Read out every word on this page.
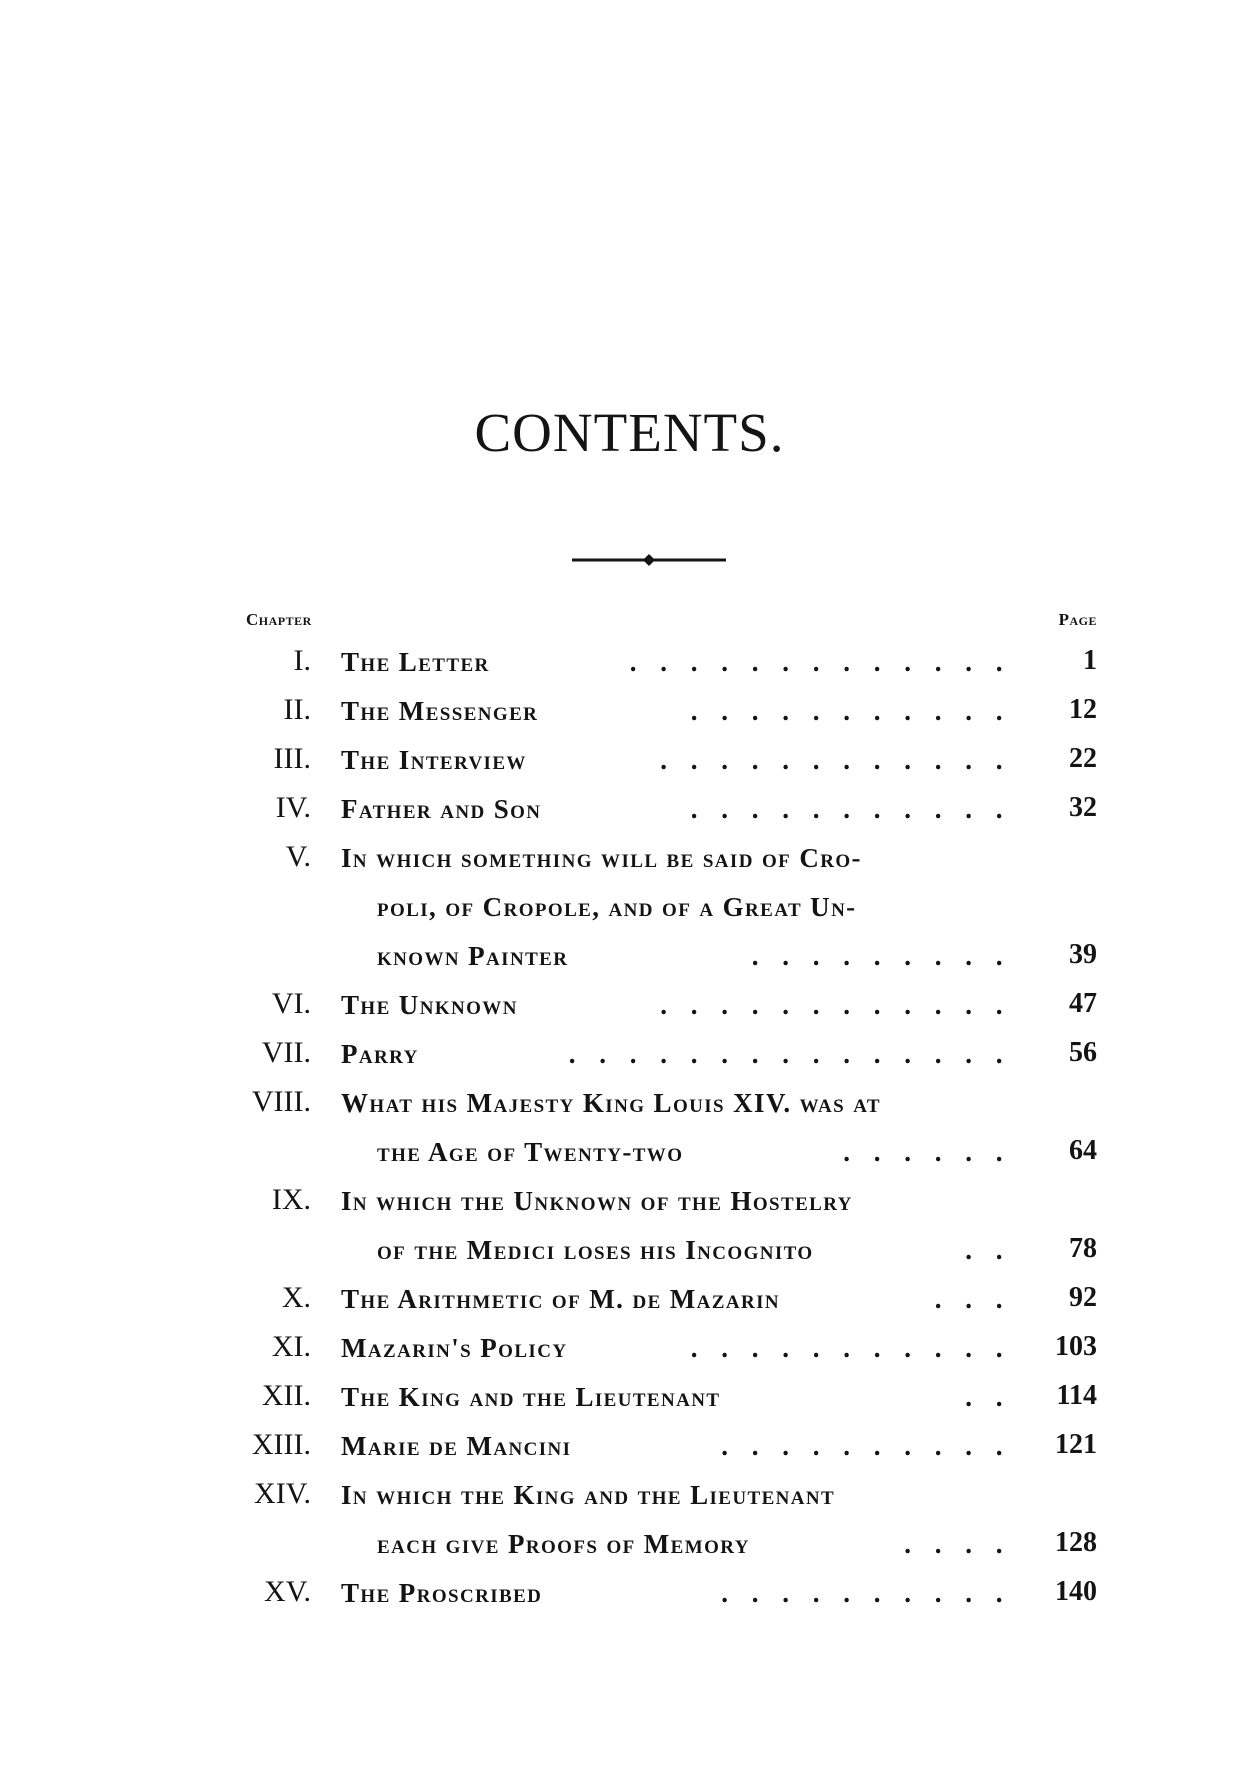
CONTENTS.
Chapter	Page
I. The Letter	. . . . . . . . . . . . .	1
II. The Messenger	. . . . . . . . . . . 12
III. The Interview	. . . . . . . . . . . . 22
IV. Father and Son	. . . . . . . . . . . 32
V. In which something will be said of Cro-
poli, of Cropole, and of a Great Un-
known Painter	. . . . . . . . . 39
VI. The Unknown	. . . . . . . . . . . . 47
VII. Parry	. . . . . . . . . . . . . . . 56
VIII. What his Majesty King Louis XIV. was at
the Age of Twenty-two	. . . . . . 64
IX. In which the Unknown of the Hostelry
of the Medici loses his Incognito	. . 78
X. The Arithmetic of M. de Mazarin	. . . 92
XI. Mazarin's Policy	. . . . . . . . . . . 103
XII. The King and the Lieutenant	. . 114
XIII. Marie de Mancini	. . . . . . . . . . 121
XIV. In which the King and the Lieutenant
each give Proofs of Memory	. . . . 128
XV. The Proscribed	. . . . . . . . . . 140
